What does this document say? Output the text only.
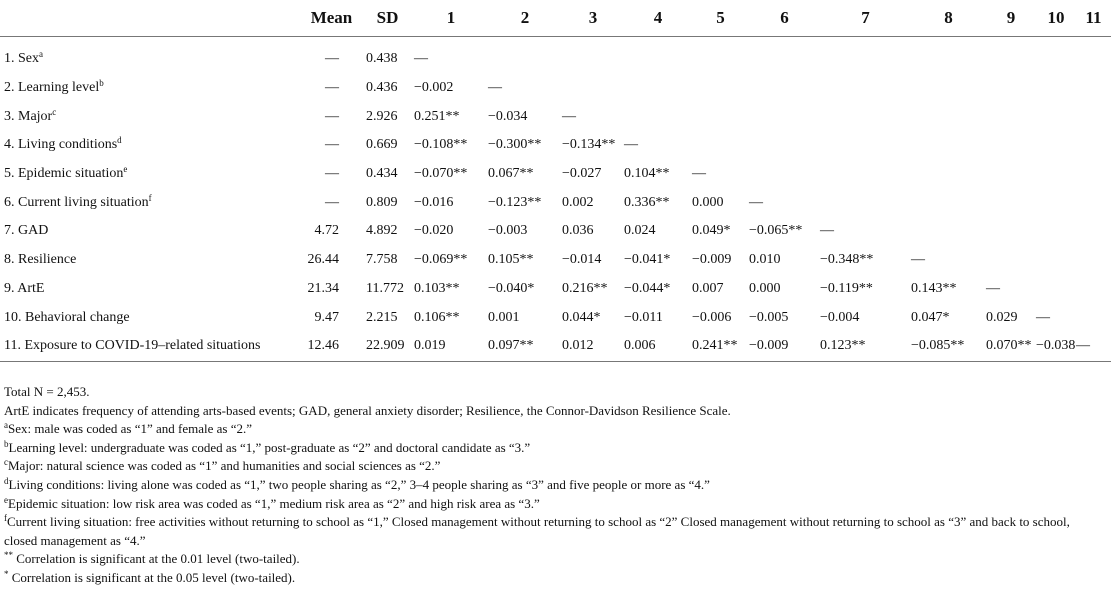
	Mean	SD	1	2	3	4	5	6	7	8	9	10	11
1. Sex$^a$	—	0.438	—										
2. Learning level$^b$	—	0.436	−0.002	—									
3. Major$^c$	—	2.926	0.251**	−0.034	—								
4. Living conditions$^d$	—	0.669	−0.108**	−0.300**	−0.134**	—							
5. Epidemic situation$^e$	—	0.434	−0.070**	0.067**	−0.027	0.104**	—						
6. Current living situation$^f$	—	0.809	−0.016	−0.123**	0.002	0.336**	0.000	—					
7. GAD	4.72	4.892	−0.020	−0.003	0.036	0.024	0.049*	−0.065**	—				
8. Resilience	26.44	7.758	−0.069**	0.105**	−0.014	−0.041*	−0.009	0.010	−0.348**	—			
9. ArtE	21.34	11.772	0.103**	−0.040*	0.216**	−0.044*	0.007	0.000	−0.119**	0.143**	—		
10. Behavioral change	9.47	2.215	0.106**	0.001	0.044*	−0.011	−0.006	−0.005	−0.004	0.047*	0.029	—	
11. Exposure to COVID-19–related situations	12.46	22.909	0.019	0.097**	0.012	0.006	0.241**	−0.009	0.123**	−0.085**	0.070**	−0.038	—

Total N = 2,453.

ArtE indicates frequency of attending arts-based events; GAD, general anxiety disorder; Resilience, the Connor-Davidson Resilience Scale.

$^a$Sex: male was coded as “1” and female as “2.”

$^b$Learning level: undergraduate was coded as “1,” post-graduate as “2” and doctoral candidate as “3.”

$^c$Major: natural science was coded as “1” and humanities and social sciences as “2.”

$^d$Living conditions: living alone was coded as “1,” two people sharing as “2,” 3–4 people sharing as “3” and five people or more as “4.”

$^e$Epidemic situation: low risk area was coded as “1,” medium risk area as “2” and high risk area as “3.”

$^f$Current living situation: free activities without returning to school as “1,” Closed management without returning to school as “2” Closed management without returning to school as “3” and back to school, closed management as “4.”

** Correlation is significant at the 0.01 level (two-tailed).

* Correlation is significant at the 0.05 level (two-tailed).
